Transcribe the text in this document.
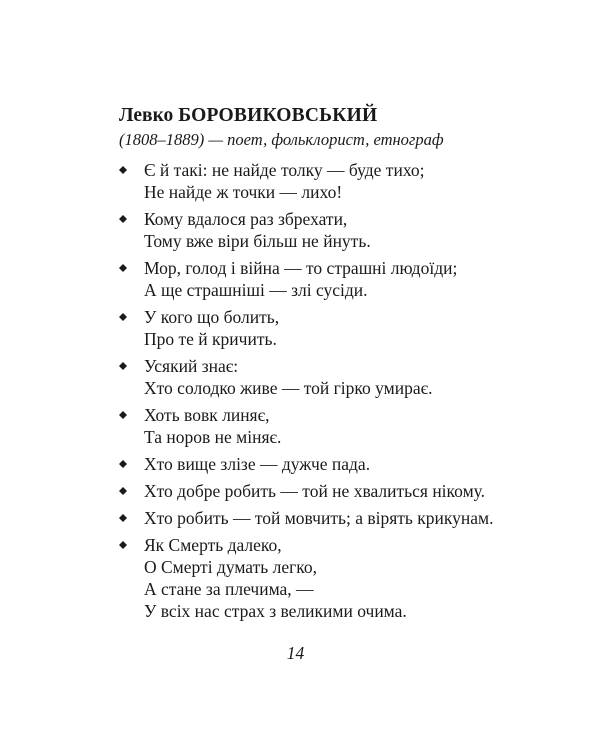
Левко БОРОВИКОВСЬКИЙ
(1808–1889) — поет, фольклорист, етнограф
Є й такі: не найде толку — буде тихо;
Не найде ж точки — лихо!
Кому вдалося раз збрехати,
Тому вже віри більш не йнуть.
Мор, голод і війна — то страшні людоїди;
А ще страшніші — злі сусіди.
У кого що болить,
Про те й кричить.
Усякий знає:
Хто солодко живе — той гірко умирає.
Хоть вовк линяє,
Та норов не міняє.
Хто вище злізе — дужче пада.
Хто добре робить — той не хвалиться нікому.
Хто робить — той мовчить; а вірять крикунам.
Як Смерть далеко,
О Смерті думать легко,
А стане за плечима, —
У всіх нас страх з великими очима.
14
